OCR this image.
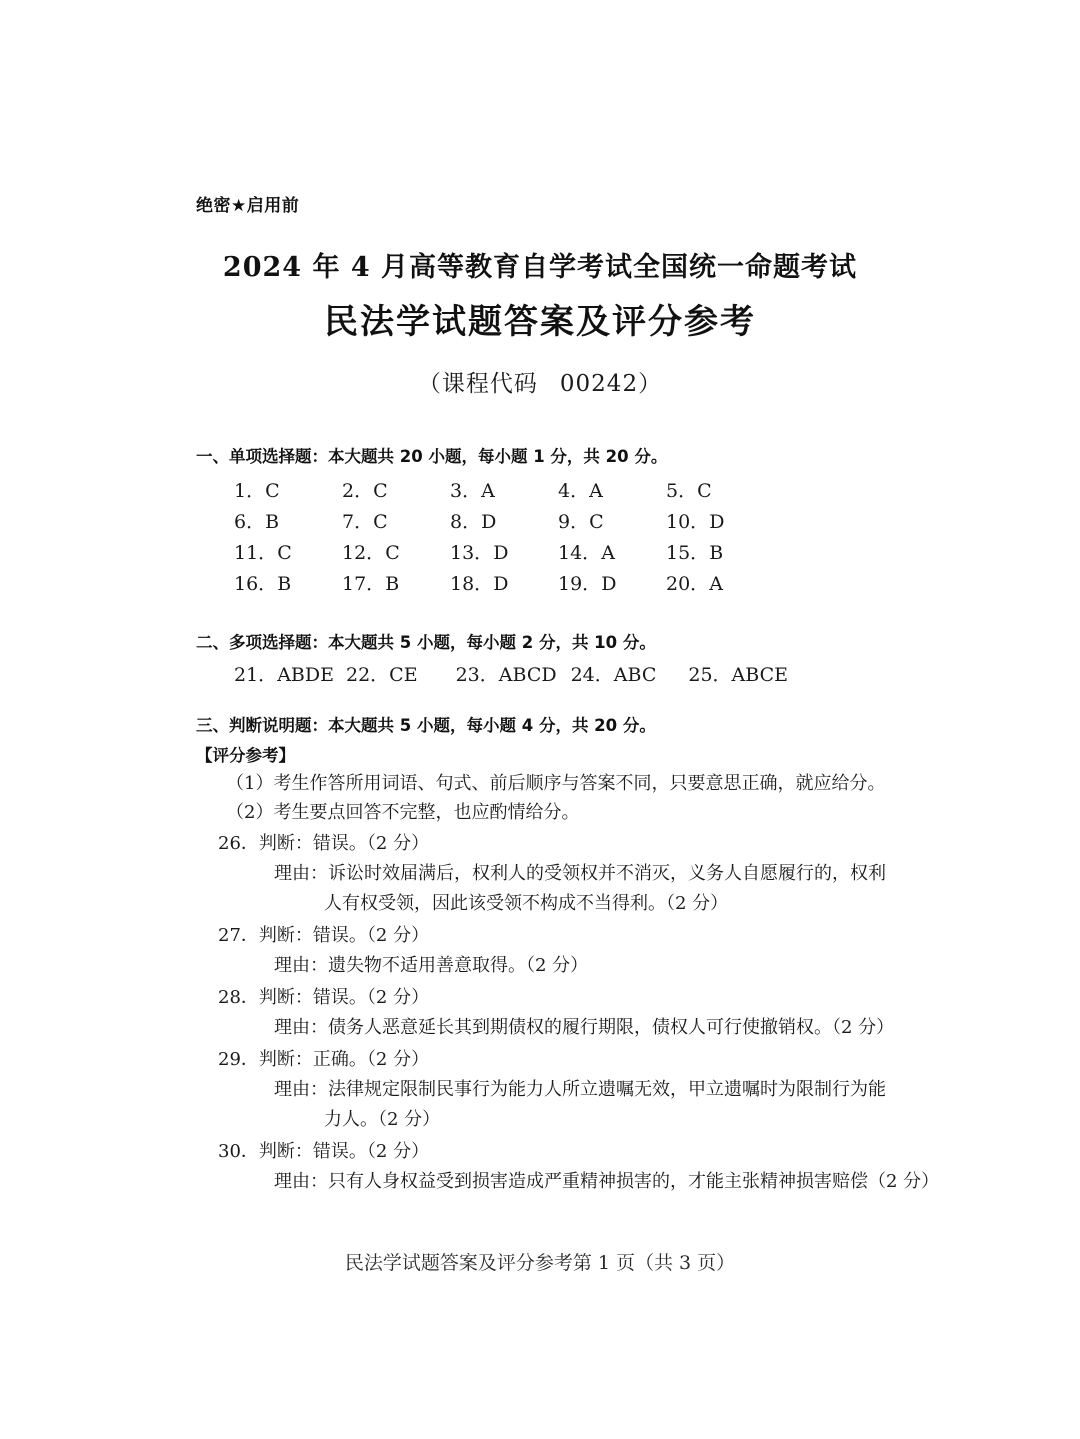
绝密★启用前
2024 年 4 月高等教育自学考试全国统一命题考试
民法学试题答案及评分参考
（课程代码 00242）
一、单项选择题：本大题共 20 小题，每小题 1 分，共 20 分。
1．C	2．C	3．A	4．A	5．C
6．B	7．C	8．D	9．C	10．D
11．C	12．C	13．D	14．A	15．B
16．B	17．B	18．D	19．D	20．A
二、多项选择题：本大题共 5 小题，每小题 2 分，共 10 分。
21．ABDE 22．CE 23．ABCD 24．ABC 25．ABCE
三、判断说明题：本大题共 5 小题，每小题 4 分，共 20 分。
【评分参考】
（1）考生作答所用词语、句式、前后顺序与答案不同，只要意思正确，就应给分。
（2）考生要点回答不完整，也应酌情给分。
26．判断：错误。（2 分）
理由：诉讼时效届满后，权利人的受领权并不消灭，义务人自愿履行的，权利
人有权受领，因此该受领不构成不当得利。（2 分）
27．判断：错误。（2 分）
理由：遗失物不适用善意取得。（2 分）
28．判断：错误。（2 分）
理由：债务人恶意延长其到期债权的履行期限，债权人可行使撤销权。（2 分）
29．判断：正确。（2 分）
理由：法律规定限制民事行为能力人所立遗嘱无效，甲立遗嘱时为限制行为能
力人。（2 分）
30．判断：错误。（2 分）
理由：只有人身权益受到损害造成严重精神损害的，才能主张精神损害赔偿（2 分）
民法学试题答案及评分参考第 1 页（共 3 页）
